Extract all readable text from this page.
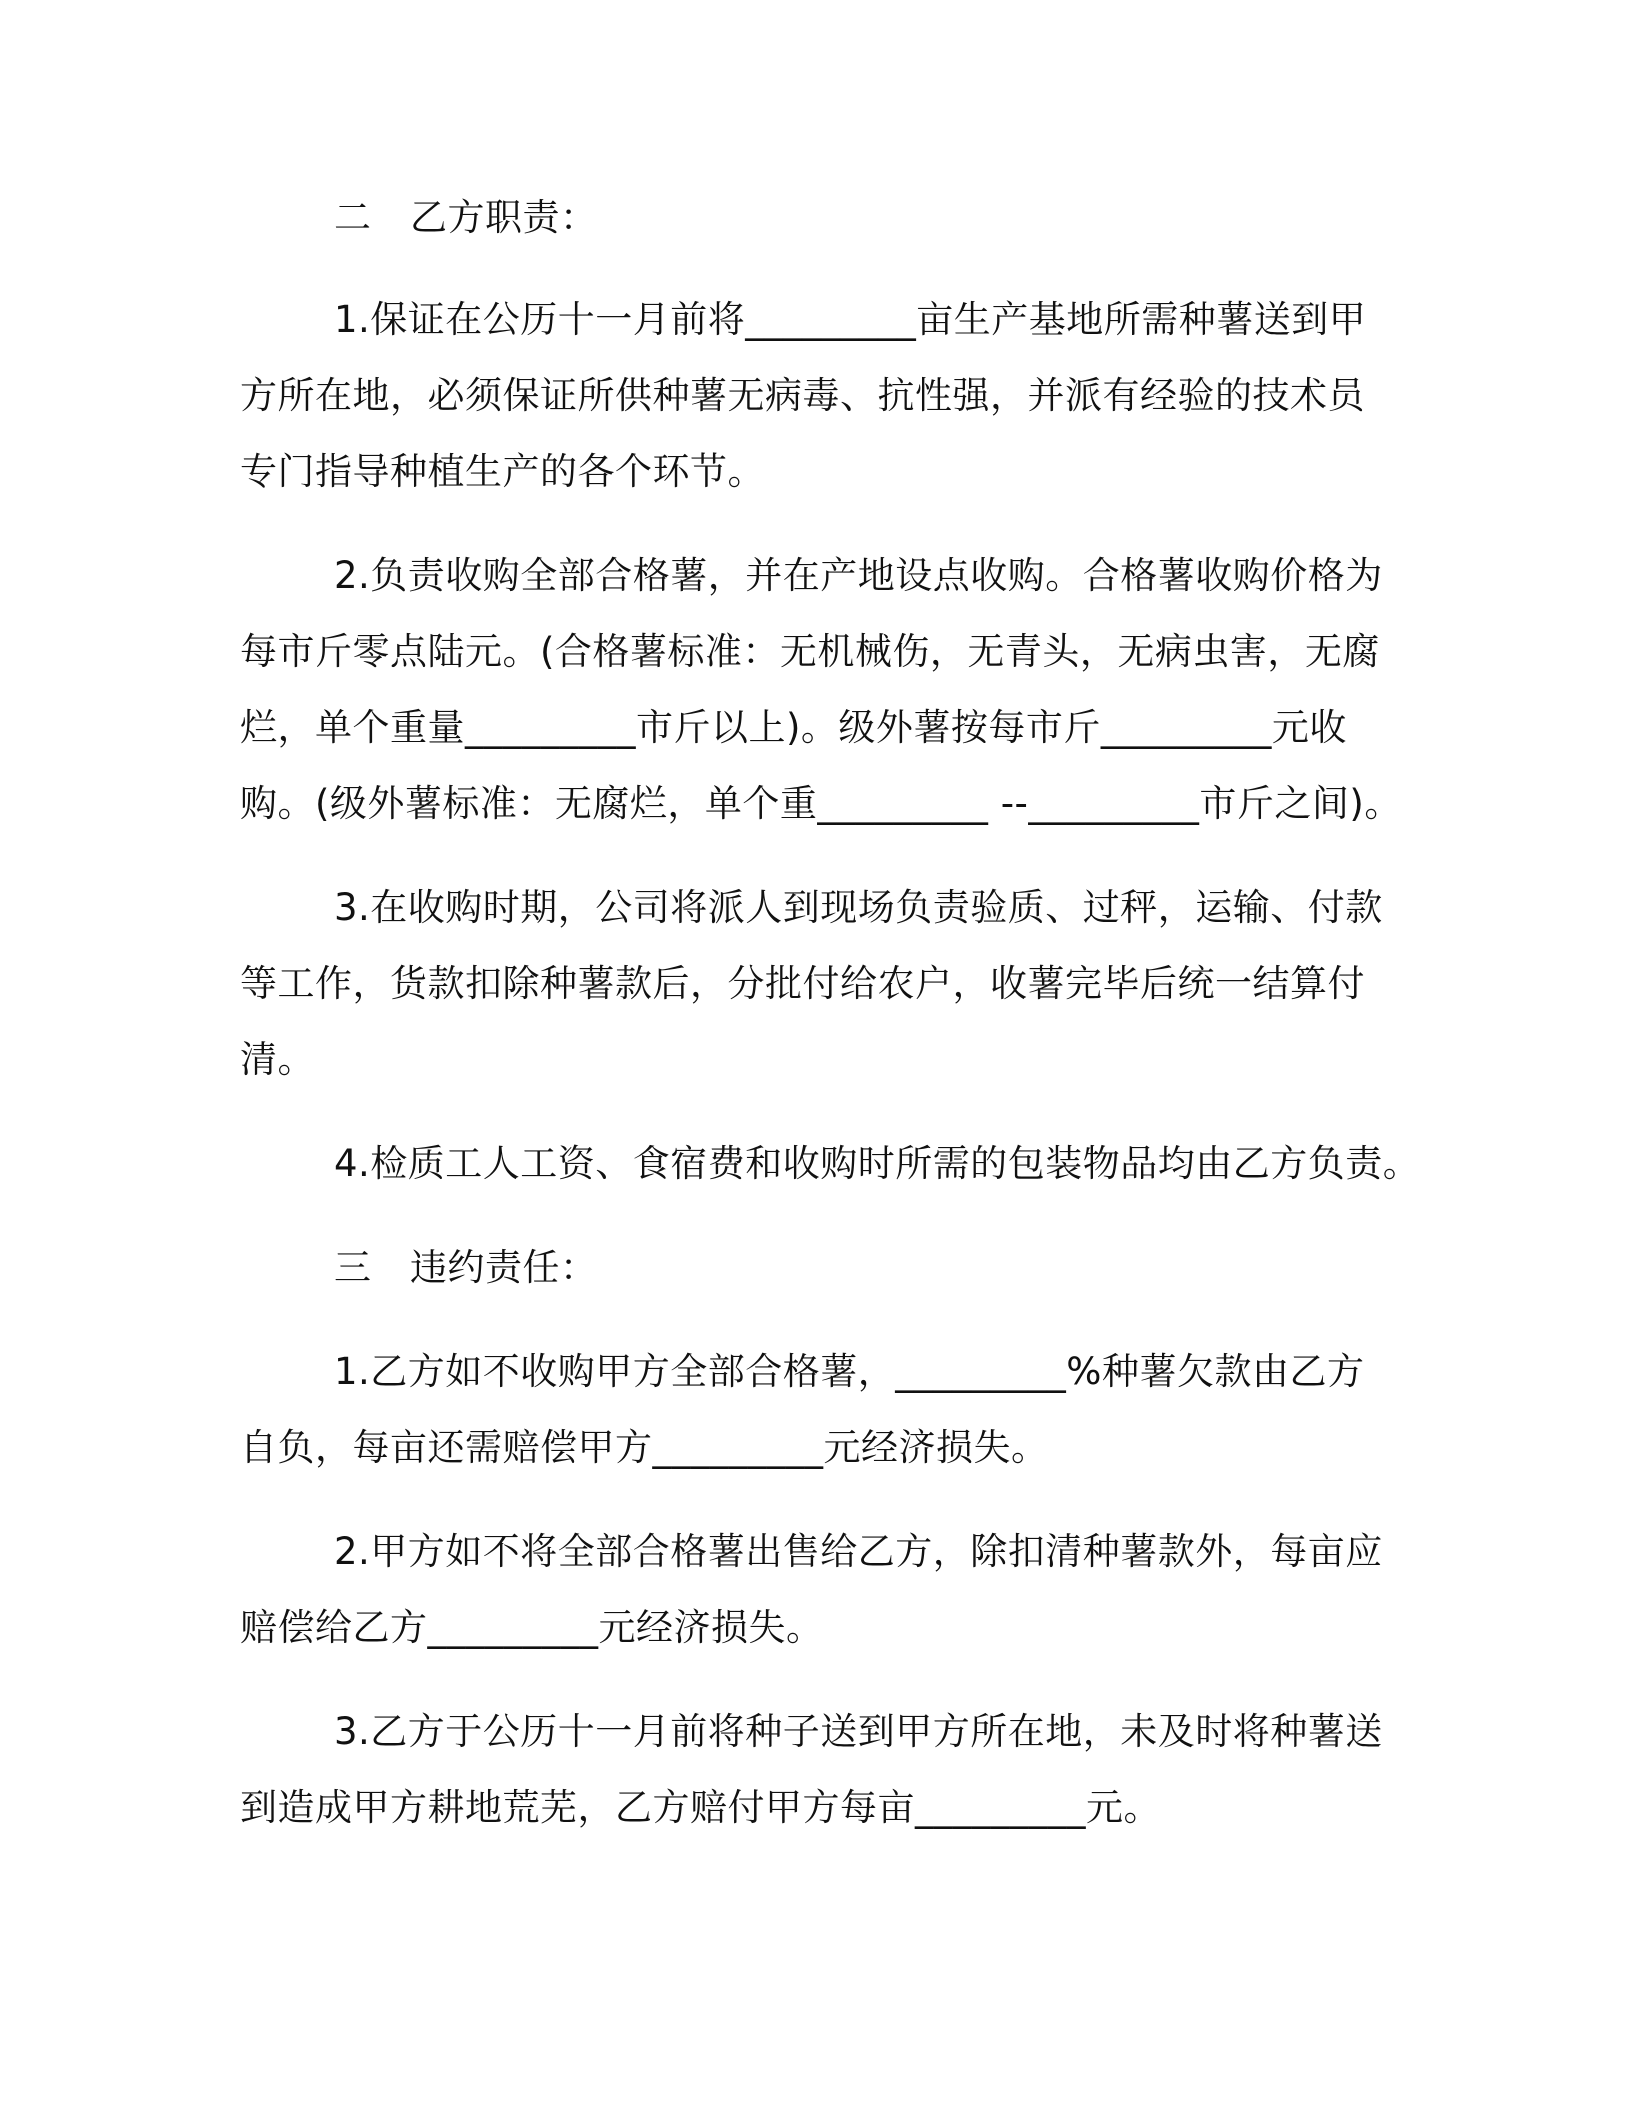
二 乙方职责：

1.保证在公历十一月前将_________亩生产基地所需种薯送到甲

方所在地，必须保证所供种薯无病毒、抗性强，并派有经验的技术员

专门指导种植生产的各个环节。

2.负责收购全部合格薯，并在产地设点收购。合格薯收购价格为

每市斤零点陆元。(合格薯标准：无机械伤，无青头，无病虫害，无腐

烂，单个重量_________市斤以上)。级外薯按每市斤_________元收

购。(级外薯标准：无腐烂，单个重_________ --_________市斤之间)。

3.在收购时期，公司将派人到现场负责验质、过秤，运输、付款

等工作，货款扣除种薯款后，分批付给农户，收薯完毕后统一结算付

清。

4.检质工人工资、食宿费和收购时所需的包装物品均由乙方负责。

三 违约责任：

1.乙方如不收购甲方全部合格薯，_________%种薯欠款由乙方

自负，每亩还需赔偿甲方_________元经济损失。

2.甲方如不将全部合格薯出售给乙方，除扣清种薯款外，每亩应

赔偿给乙方_________元经济损失。

3.乙方于公历十一月前将种子送到甲方所在地，未及时将种薯送

到造成甲方耕地荒芜，乙方赔付甲方每亩_________元。
